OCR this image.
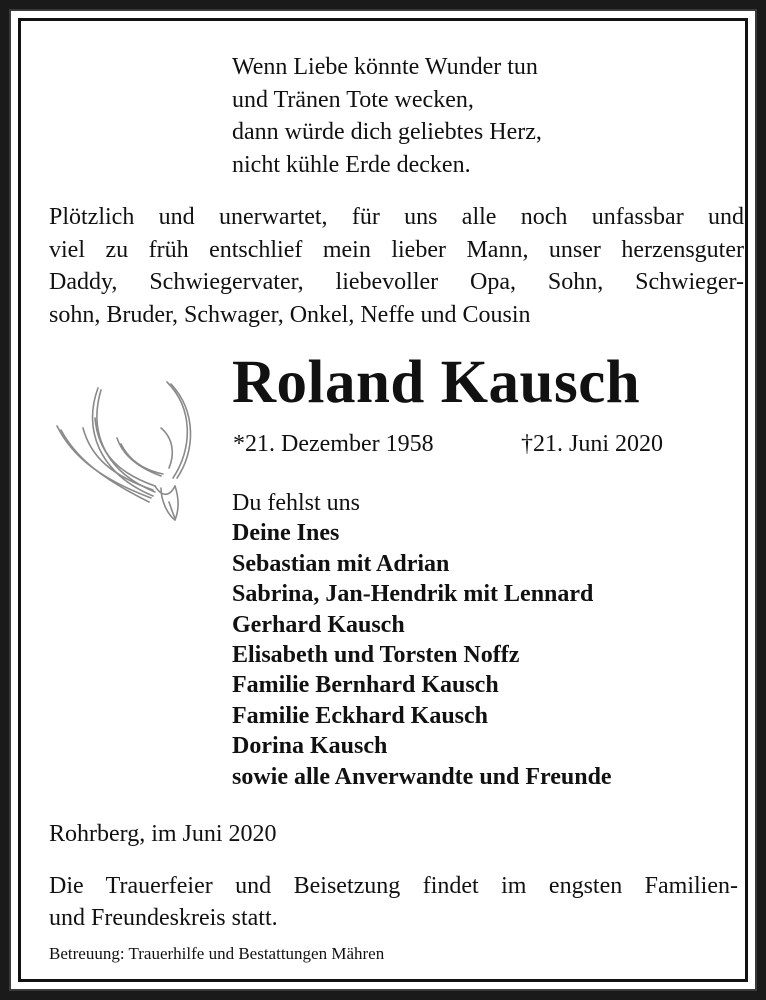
Wenn Liebe könnte Wunder tun
und Tränen Tote wecken,
dann würde dich geliebtes Herz,
nicht kühle Erde decken.
Plötzlich und unerwartet, für uns alle noch unfassbar und
viel zu früh entschlief mein lieber Mann, unser herzensguter
Daddy, Schwiegervater, liebevoller Opa, Sohn, Schwieger-
sohn, Bruder, Schwager, Onkel, Neffe und Cousin
Roland Kausch
*21. Dezember 1958	†21. Juni 2020
Du fehlst uns
Deine Ines
Sebastian mit Adrian
Sabrina, Jan-Hendrik mit Lennard
Gerhard Kausch
Elisabeth und Torsten Noffz
Familie Bernhard Kausch
Familie Eckhard Kausch
Dorina Kausch
sowie alle Anverwandte und Freunde
Rohrberg, im Juni 2020
Die Trauerfeier und Beisetzung findet im engsten Familien-
und Freundeskreis statt.
Betreuung: Trauerhilfe und Bestattungen Mähren
